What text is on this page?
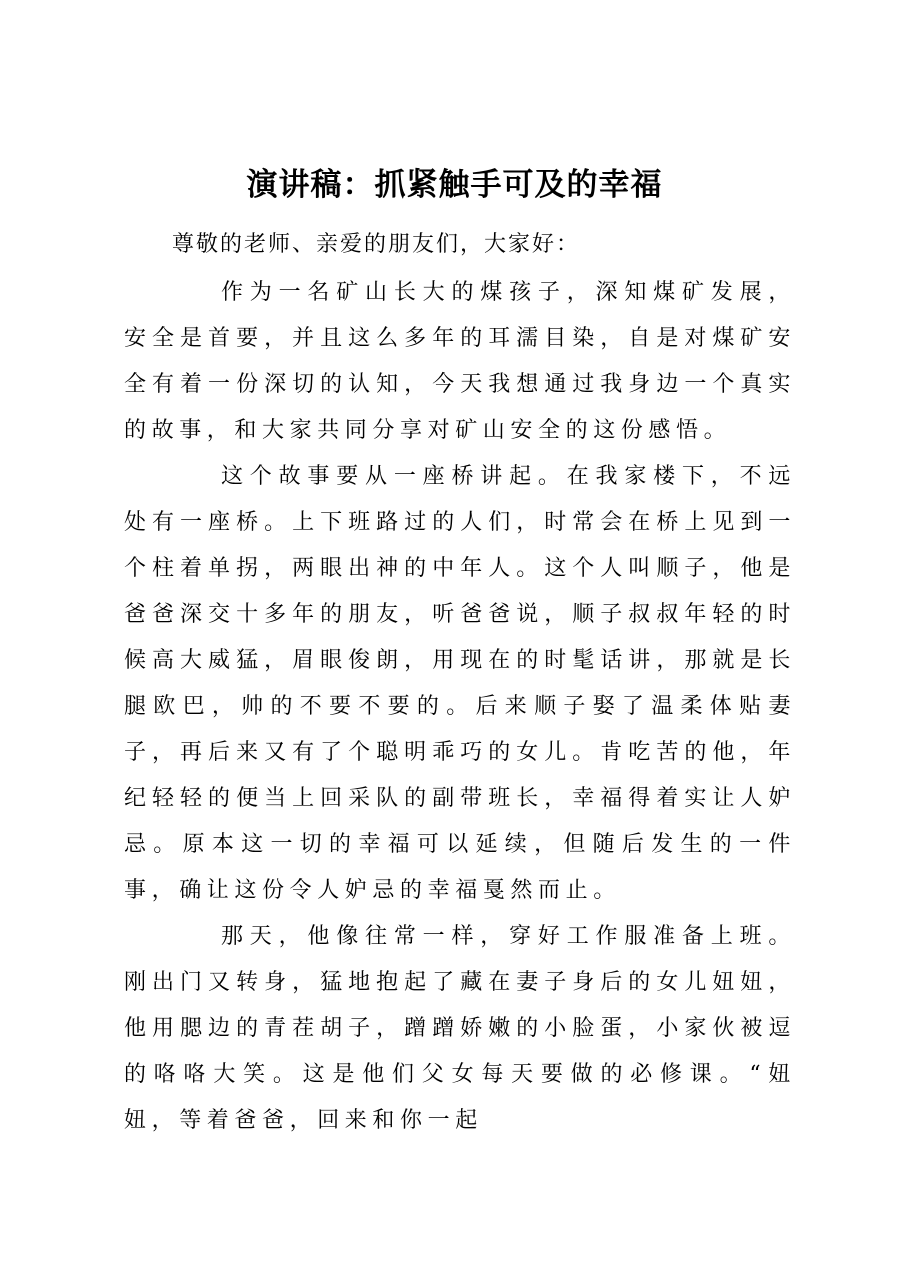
演讲稿：抓紧触手可及的幸福

尊敬的老师、亲爱的朋友们，大家好：

作为一名矿山长大的煤孩子，深知煤矿发展，安全是首要，并且这么多年的耳濡目染，自是对煤矿安全有着一份深切的认知，今天我想通过我身边一个真实的故事，和大家共同分享对矿山安全的这份感悟。

这个故事要从一座桥讲起。在我家楼下，不远处有一座桥。上下班路过的人们，时常会在桥上见到一个柱着单拐，两眼出神的中年人。这个人叫顺子，他是爸爸深交十多年的朋友，听爸爸说，顺子叔叔年轻的时候高大威猛，眉眼俊朗，用现在的时髦话讲，那就是长腿欧巴，帅的不要不要的。后来顺子娶了温柔体贴妻子，再后来又有了个聪明乖巧的女儿。肯吃苦的他，年纪轻轻的便当上回采队的副带班长，幸福得着实让人妒忌。原本这一切的幸福可以延续，但随后发生的一件事，确让这份令人妒忌的幸福戛然而止。

那天，他像往常一样，穿好工作服准备上班。刚出门又转身，猛地抱起了藏在妻子身后的女儿妞妞，他用腮边的青茬胡子，蹭蹭娇嫩的小脸蛋，小家伙被逗的咯咯大笑。这是他们父女每天要做的必修课。“妞妞，等着爸爸，回来和你一起
